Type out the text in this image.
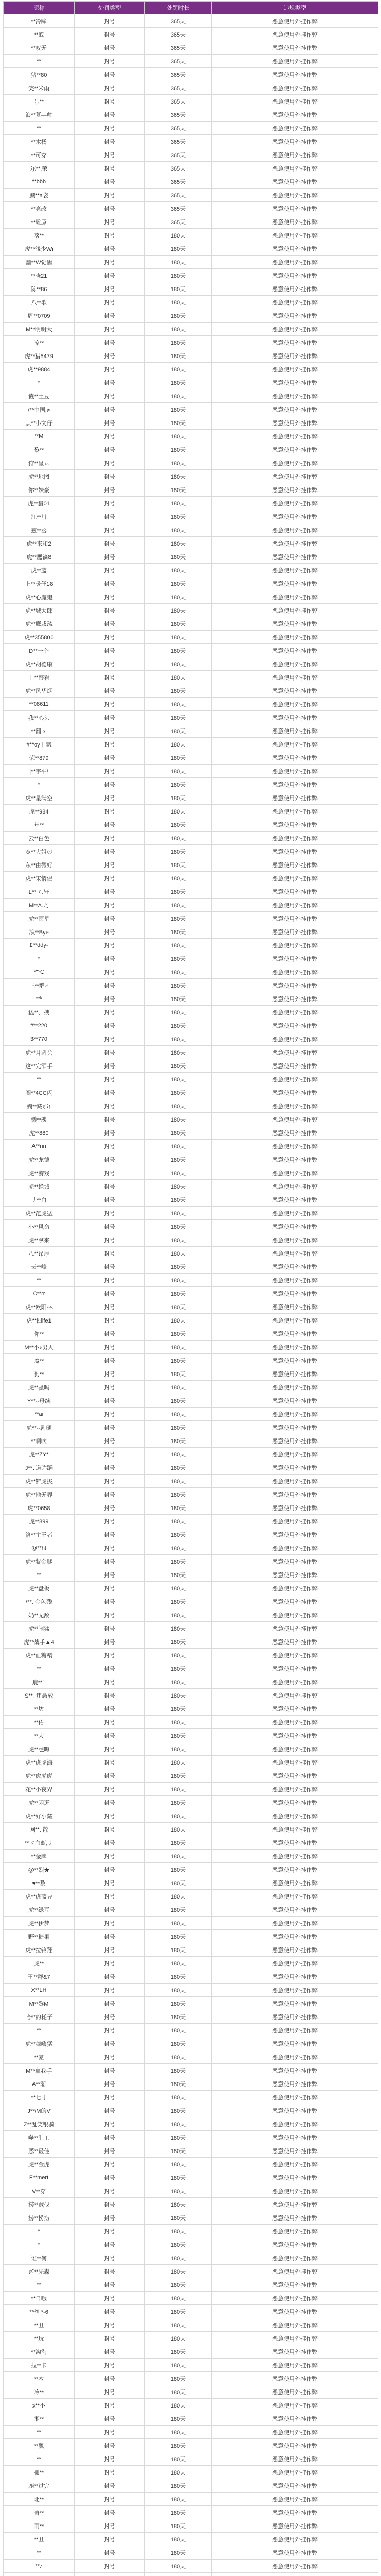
昵称	处罚类型	处罚时长	违规类型
**冷眸	封号	365天	恶意使用外挂作弊
**戚	封号	365天	恶意使用外挂作弊
**叹无	封号	365天	恶意使用外挂作弊
**	封号	365天	恶意使用外挂作弊
猪**80	封号	365天	恶意使用外挂作弊
笑**米雨	封号	365天	恶意使用外挂作弊
乐**	封号	365天	恶意使用外挂作弊
浪**慕—帅	封号	365天	恶意使用外挂作弊
**	封号	365天	恶意使用外挂作弊
**木杨	封号	365天	恶意使用外挂作弊
**可穿	封号	365天	恶意使用外挂作弊
尔**,荣	封号	365天	恶意使用外挂作弊
**bbb	封号	365天	恶意使用外挂作弊
鹏**a袋	封号	365天	恶意使用外挂作弊
**亮改	封号	365天	恶意使用外挂作弊
**雕原	封号	365天	恶意使用外挂作弊
落**	封号	180天	恶意使用外挂作弊
虎**浅少Wi	封号	180天	恶意使用外挂作弊
幽**W觉醒	封号	180天	恶意使用外挂作弊
**晓21	封号	180天	恶意使用外挂作弊
陈**86	封号	180天	恶意使用外挂作弊
八**歌	封号	180天	恶意使用外挂作弊
周**0709	封号	180天	恶意使用外挂作弊
M**明明大	封号	180天	恶意使用外挂作弊
凉**	封号	180天	恶意使用外挂作弊
虎**猎5479	封号	180天	恶意使用外挂作弊
虎**9884	封号	180天	恶意使用外挂作弊
*	封号	180天	恶意使用外挂作弊
猿**土豆	封号	180天	恶意使用外挂作弊
/**中国,≠	封号	180天	恶意使用外挂作弊
灬**小文仔	封号	180天	恶意使用外挂作弊
**M	封号	180天	恶意使用外挂作弊
黎**	封号	180天	恶意使用外挂作弊
狩**星ぃ	封号	180天	恶意使用外挂作弊
虎**地图	封号	180天	恶意使用外挂作弊
你**妹豪	封号	180天	恶意使用外挂作弊
虎**猎01	封号	180天	恶意使用外挂作弊
江**川	封号	180天	恶意使用外挂作弊
靈**丞	封号	180天	恶意使用外挂作弊
虎**来和2	封号	180天	恶意使用外挂作弊
虎**鹰镝8	封号	180天	恶意使用外挂作弊
虎**蓝	封号	180天	恶意使用外挂作弊
上**暖仔18	封号	180天	恶意使用外挂作弊
虎**心魔鬼	封号	180天	恶意使用外挂作弊
虎**城大郎	封号	180天	恶意使用外挂作弊
虎**鹰咸疏	封号	180天	恶意使用外挂作弊
虎**355800	封号	180天	恶意使用外挂作弊
D**一个	封号	180天	恶意使用外挂作弊
虎**胡德康	封号	180天	恶意使用外挂作弊
王**察看	封号	180天	恶意使用外挂作弊
虎**风华烟	封号	180天	恶意使用外挂作弊
**08611	封号	180天	恶意使用外挂作弊
我**心头	封号	180天	恶意使用外挂作弊
**翻ゞ	封号	180天	恶意使用外挂作弊
#**oy丨氩	封号	180天	恶意使用外挂作弊
荣**879	封号	180天	恶意使用外挂作弊
|**宇平!	封号	180天	恶意使用外挂作弊
*	封号	180天	恶意使用外挂作弊
虎**星满空	封号	180天	恶意使用外挂作弊
虎**984	封号	180天	恶意使用外挂作弊
年**	封号	180天	恶意使用外挂作弊
云**白色	封号	180天	恶意使用外挂作弊
宽**大姐⊙	封号	180天	恶意使用外挂作弊
东**由微好	封号	180天	恶意使用外挂作弊
虎**宋情侣	封号	180天	恶意使用外挂作弊
L**ゞ.轩	封号	180天	恶意使用外挂作弊
M**A.乃	封号	180天	恶意使用外挂作弊
虎**雨星	封号	180天	恶意使用外挂作弊
浪**Bye	封号	180天	恶意使用外挂作弊
£**ddy-	封号	180天	恶意使用外挂作弊
*	封号	180天	恶意使用外挂作弊
*"℃	封号	180天	恶意使用外挂作弊
三**群♂	封号	180天	恶意使用外挂作弊
**ᵏ	封号	180天	恶意使用外挂作弊
猛**、拽	封号	180天	恶意使用外挂作弊
#**220	封号	180天	恶意使用外挂作弊
3**770	封号	180天	恶意使用外挂作弊
虎**月圆会	封号	180天	恶意使用外挂作弊
这**完酒手	封号	180天	恶意使用外挂作弊
**	封号	180天	恶意使用外挂作弊
阎**4CC闪	封号	180天	恶意使用外挂作弊
蝴**藏那↑	封号	180天	恶意使用外挂作弊
懒**魂	封号	180天	恶意使用外挂作弊
虎**880	封号	180天	恶意使用外挂作弊
A**nn	封号	180天	恶意使用外挂作弊
虎**龙德	封号	180天	恶意使用外挂作弊
虎**游戏	封号	180天	恶意使用外挂作弊
虎**绝城	封号	180天	恶意使用外挂作弊
丿**白	封号	180天	恶意使用外挂作弊
虎**范虎猛	封号	180天	恶意使用外挂作弊
小**风命	封号	180天	恶意使用外挂作弊
虎**拿来	封号	180天	恶意使用外挂作弊
八**昂厚	封号	180天	恶意使用外挂作弊
云**峰	封号	180天	恶意使用外挂作弊
**	封号	180天	恶意使用外挂作弊
C**rr	封号	180天	恶意使用外挂作弊
虎**欧阳林	封号	180天	恶意使用外挂作弊
虎**四ife1	封号	180天	恶意使用外挂作弊
你**	封号	180天	恶意使用外挂作弊
M**小♪男人	封号	180天	恶意使用外挂作弊
魔**	封号	180天	恶意使用外挂作弊
狗**	封号	180天	恶意使用外挂作弊
虎**骚吗	封号	180天	恶意使用外挂作弊
Y**--母续	封号	180天	恶意使用外挂作弊
**ai	封号	180天	恶意使用外挂作弊
虎**--剧嗵	封号	180天	恶意使用外挂作弊
**啊吹	封号	180天	恶意使用外挂作弊
虎**ZY*	封号	180天	恶意使用外挂作弊
J**.:道眸蹈	封号	180天	恶意使用外挂作弊
虎**铲虎拢	封号	180天	恶意使用外挂作弊
虎**地无界	封号	180天	恶意使用外挂作弊
虎**0658	封号	180天	恶意使用外挂作弊
虎**899	封号	180天	恶意使用外挂作弊
洛**主王者	封号	180天	恶意使用外挂作弊
@**ht	封号	180天	恶意使用外挂作弊
虎**紫金腿	封号	180天	恶意使用外挂作弊
**	封号	180天	恶意使用外挂作弊
虎**盘板	封号	180天	恶意使用外挂作弊
\**. 金色残	封号	180天	恶意使用外挂作弊
奶**无敌	封号	180天	恶意使用外挂作弊
虎**闹猛	封号	180天	恶意使用外挂作弊
虎**战手▲4	封号	180天	恶意使用外挂作弊
虎**血糖精	封号	180天	恶意使用外挂作弊
**	封号	180天	恶意使用外挂作弊
鹿**1	封号	180天	恶意使用外挂作弊
S**. 违悬放	封号	180天	恶意使用外挂作弊
**坊	封号	180天	恶意使用外挂作弊
**佑	封号	180天	恶意使用外挂作弊
**大	封号	180天	恶意使用外挂作弊
虎**瞧晦	封号	180天	恶意使用外挂作弊
虎**虎虎海	封号	180天	恶意使用外挂作弊
虎**虎虎虎	封号	180天	恶意使用外挂作弊
花**小夜界	封号	180天	恶意使用外挂作弊
虎**闲逛	封号	180天	恶意使用外挂作弊
虎**好小藏	封号	180天	恶意使用外挂作弊
网**. 散	封号	180天	恶意使用外挂作弊
**ゞ血蓝,丿	封号	180天	恶意使用外挂作弊
**金牌	封号	180天	恶意使用外挂作弊
@**烈★	封号	180天	恶意使用外挂作弊
♥**数	封号	180天	恶意使用外挂作弊
虎**虎蓝豆	封号	180天	恶意使用外挂作弊
虎**绿豆	封号	180天	恶意使用外挂作弊
虎**伊梦	封号	180天	恶意使用外挂作弊
野**糖果	封号	180天	恶意使用外挂作弊
虎**拉铃翔	封号	180天	恶意使用外挂作弊
虎**	封号	180天	恶意使用外挂作弊
王**群&7	封号	180天	恶意使用外挂作弊
X**LH	封号	180天	恶意使用外挂作弊
M**黎M	封号	180天	恶意使用外挂作弊
哈**的耗子	封号	180天	恶意使用外挂作弊
**	封号	180天	恶意使用外挂作弊
虎**嗨嗨猛	封号	180天	恶意使用外挂作弊
**豪	封号	180天	恶意使用外挂作弊
M**赢我手	封号	180天	恶意使用外挂作弊
A**潮	封号	180天	恶意使用外挂作弊
**七寸	封号	180天	恶意使用外挂作弊
J**/M的V	封号	180天	恶意使用外挂作弊
Z**乱笑银骑	封号	180天	恶意使用外挂作弊
噬**肚工	封号	180天	恶意使用外挂作弊
恶**最佳	封号	180天	恶意使用外挂作弊
虎**金虎	封号	180天	恶意使用外挂作弊
F**mert	封号	180天	恶意使用外挂作弊
V**穿	封号	180天	恶意使用外挂作弊
捞**贼伐	封号	180天	恶意使用外挂作弊
捞**捞捞	封号	180天	恶意使用外挂作弊
*	封号	180天	恶意使用外挂作弊
*	封号	180天	恶意使用外挂作弊
谁**何	封号	180天	恶意使用外挂作弊
〆**先森	封号	180天	恶意使用外挂作弊
**	封号	180天	恶意使用外挂作弊
**日哦	封号	180天	恶意使用外挂作弊
**丝 *-6	封号	180天	恶意使用外挂作弊
**丑	封号	180天	恶意使用外挂作弊
**玩	封号	180天	恶意使用外挂作弊
**淘淘	封号	180天	恶意使用外挂作弊
拉**卡	封号	180天	恶意使用外挂作弊
**本	封号	180天	恶意使用外挂作弊
冷**	封号	180天	恶意使用外挂作弊
x**小	封号	180天	恶意使用外挂作弊
湘**	封号	180天	恶意使用外挂作弊
**	封号	180天	恶意使用外挂作弊
**飘	封号	180天	恶意使用外挂作弊
**	封号	180天	恶意使用外挂作弊
孤**	封号	180天	恶意使用外挂作弊
鹿**过完	封号	180天	恶意使用外挂作弊
北**	封号	180天	恶意使用外挂作弊
萧**	封号	180天	恶意使用外挂作弊
雨**	封号	180天	恶意使用外挂作弊
**丑	封号	180天	恶意使用外挂作弊
**	封号	180天	恶意使用外挂作弊
**♪	封号	180天	恶意使用外挂作弊
